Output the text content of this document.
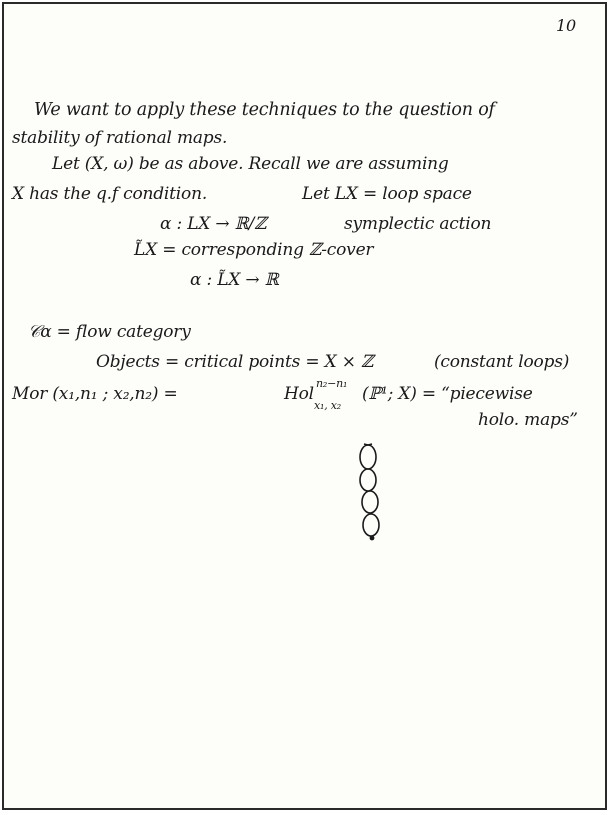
10
We want to apply these techniques to the question of
stability of rational maps.
Let (X, ω) be as above. Recall we are assuming
X has the q.f condition.	Let LX = loop space
α : LX → ℝ/ℤ	symplectic action
L̃X = corresponding ℤ-cover
α : L̃X → ℝ
𝒞α = flow category
Objects = critical points = X × ℤ	(constant loops)
Mor (x₁,n₁ ; x₂,n₂) =	Hol
n₂−n₁
x₁, x₂
(ℙ¹; X) = “piecewise
holo. maps”
